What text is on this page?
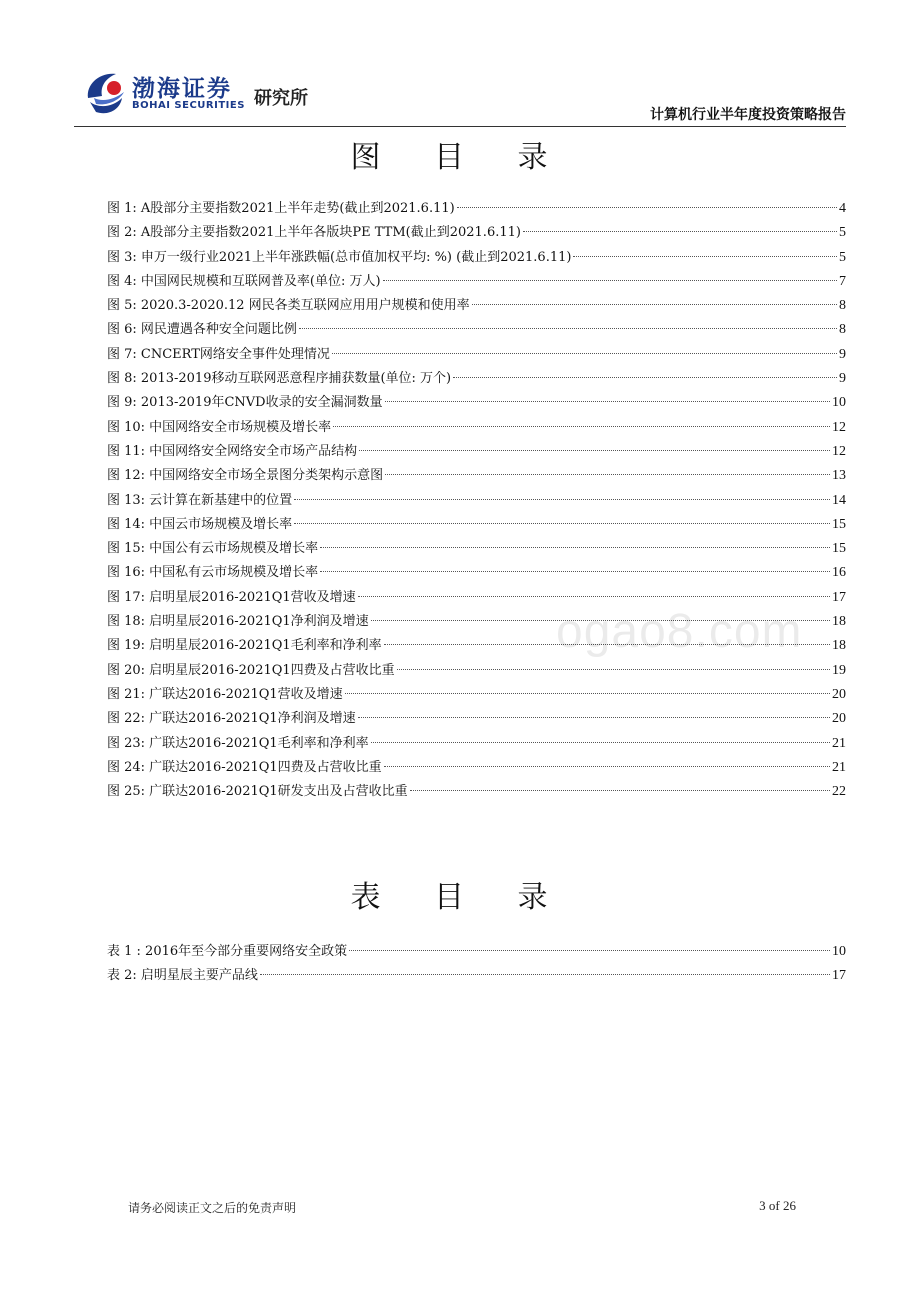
渤海证券
BOHAI SECURITIES 研究所
计算机行业半年度投资策略报告
图 目 录
图 1: A股部分主要指数2021上半年走势(截止到2021.6.11)	4
图 2: A股部分主要指数2021上半年各版块PE TTM(截止到2021.6.11)	5
图 3: 申万一级行业2021上半年涨跌幅(总市值加权平均: %) (截止到2021.6.11)	5
图 4: 中国网民规模和互联网普及率(单位: 万人)	7
图 5: 2020.3-2020.12 网民各类互联网应用用户规模和使用率	8
图 6: 网民遭遇各种安全问题比例	8
图 7: CNCERT网络安全事件处理情况	9
图 8: 2013-2019移动互联网恶意程序捕获数量(单位: 万个)	9
图 9: 2013-2019年CNVD收录的安全漏洞数量	10
图 10: 中国网络安全市场规模及增长率	12
图 11: 中国网络安全网络安全市场产品结构	12
图 12: 中国网络安全市场全景图分类架构示意图	13
图 13: 云计算在新基建中的位置	14
图 14: 中国云市场规模及增长率	15
图 15: 中国公有云市场规模及增长率	15
图 16: 中国私有云市场规模及增长率	16
图 17: 启明星辰2016-2021Q1营收及增速	17
图 18: 启明星辰2016-2021Q1净利润及增速	18
图 19: 启明星辰2016-2021Q1毛利率和净利率	18
图 20: 启明星辰2016-2021Q1四费及占营收比重	19
图 21: 广联达2016-2021Q1营收及增速	20
图 22: 广联达2016-2021Q1净利润及增速	20
图 23: 广联达2016-2021Q1毛利率和净利率	21
图 24: 广联达2016-2021Q1四费及占营收比重	21
图 25: 广联达2016-2021Q1研发支出及占营收比重	22
表 目 录
表 1 : 2016年至今部分重要网络安全政策	10
表 2: 启明星辰主要产品线	17
ogao8.com
请务必阅读正文之后的免责声明	3 of 26
